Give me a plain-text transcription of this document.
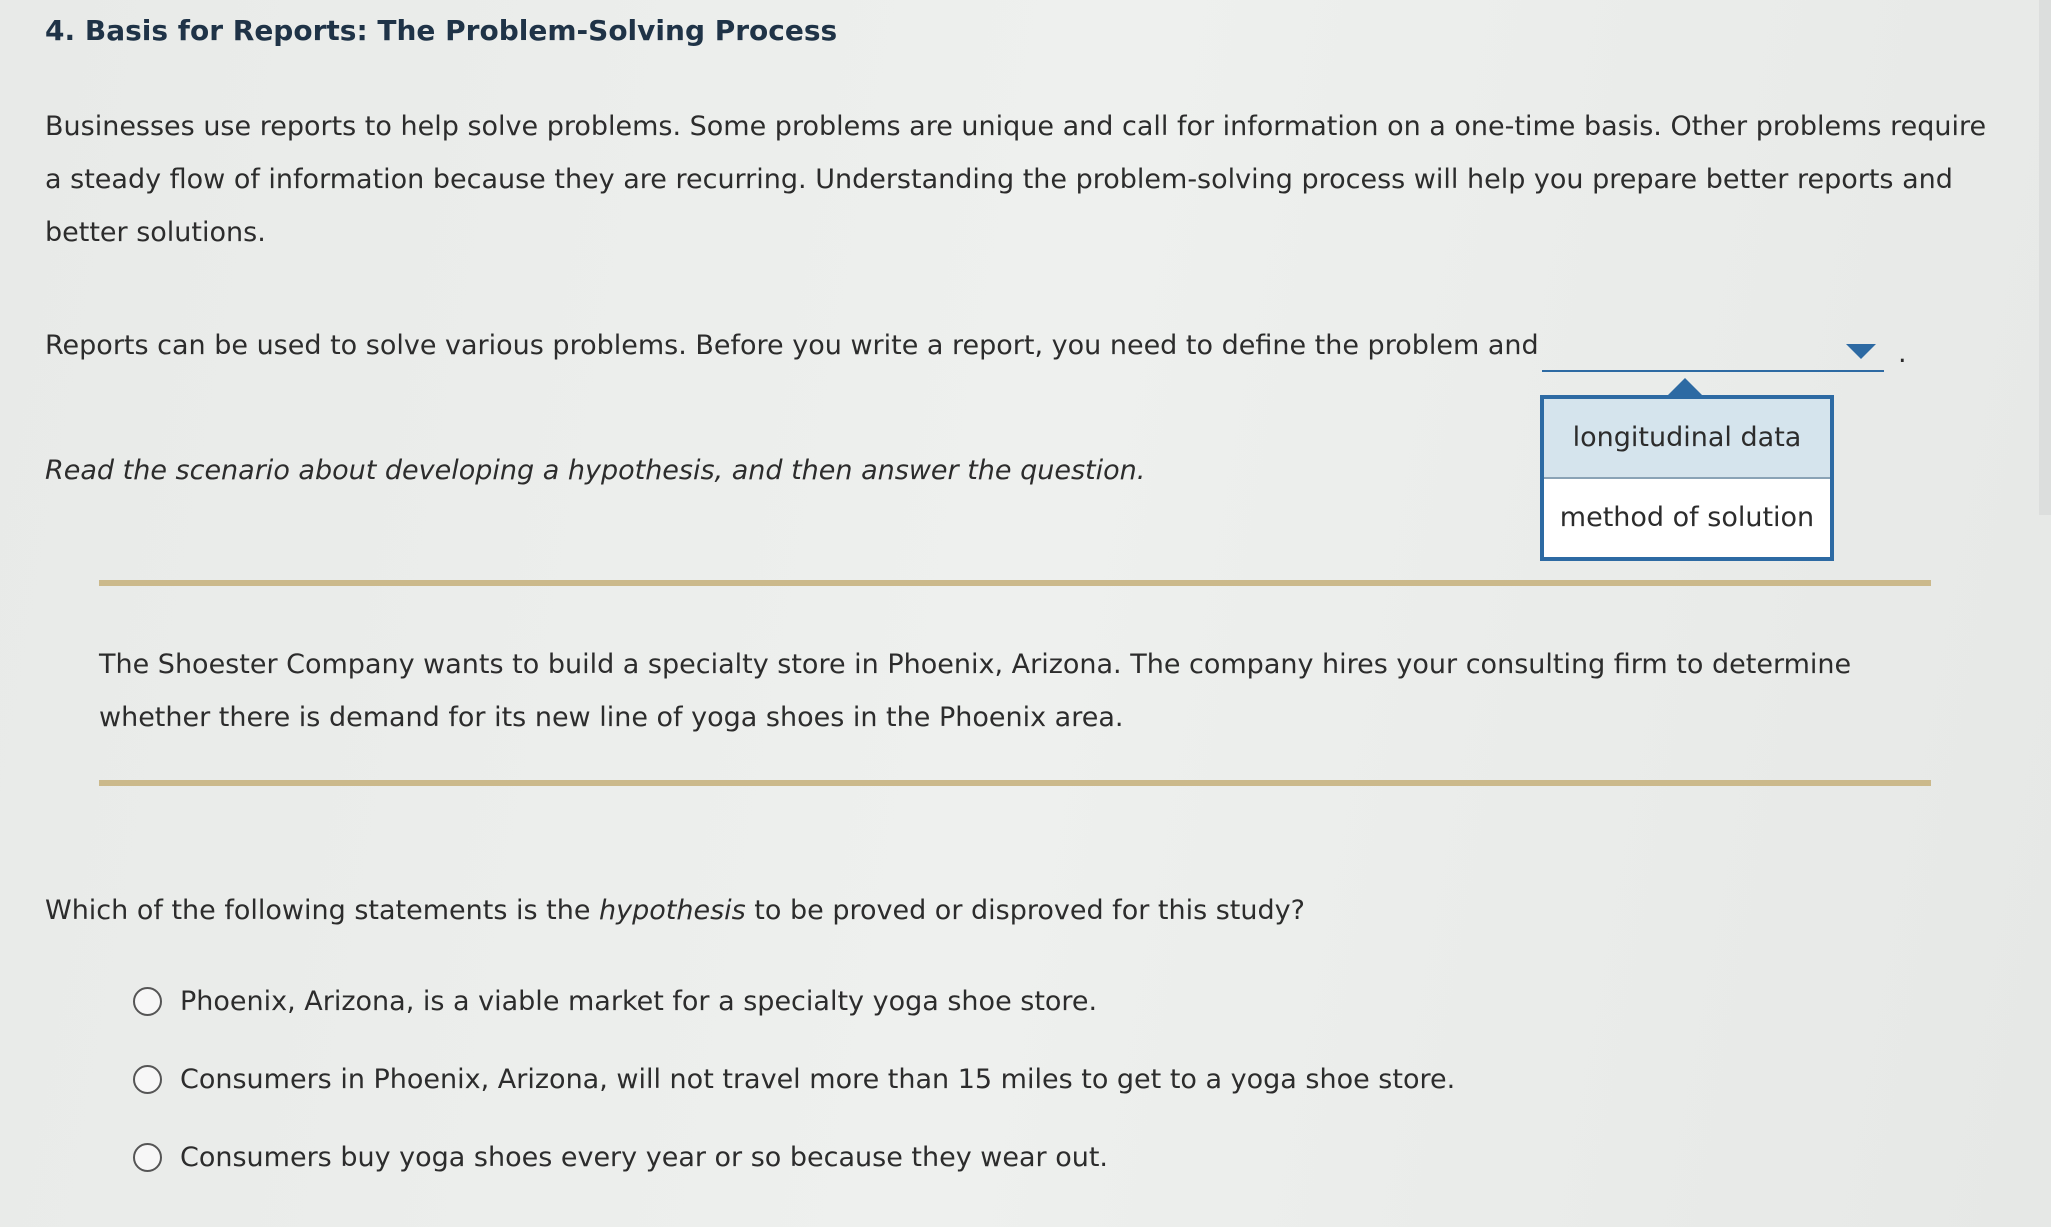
4. Basis for Reports: The Problem-Solving Process

Businesses use reports to help solve problems. Some problems are unique and call for information on a one-time basis. Other problems require a steady flow of information because they are recurring. Understanding the problem-solving process will help you prepare better reports and better solutions.

Reports can be used to solve various problems. Before you write a report, you need to define the problem and	.
longitudinal data
method of solution
Read the scenario about developing a hypothesis, and then answer the question.

The Shoester Company wants to build a specialty store in Phoenix, Arizona. The company hires your consulting firm to determine whether there is demand for its new line of yoga shoes in the Phoenix area.

Which of the following statements is the hypothesis to be proved or disproved for this study?
Phoenix, Arizona, is a viable market for a specialty yoga shoe store.
Consumers in Phoenix, Arizona, will not travel more than 15 miles to get to a yoga shoe store.
Consumers buy yoga shoes every year or so because they wear out.
